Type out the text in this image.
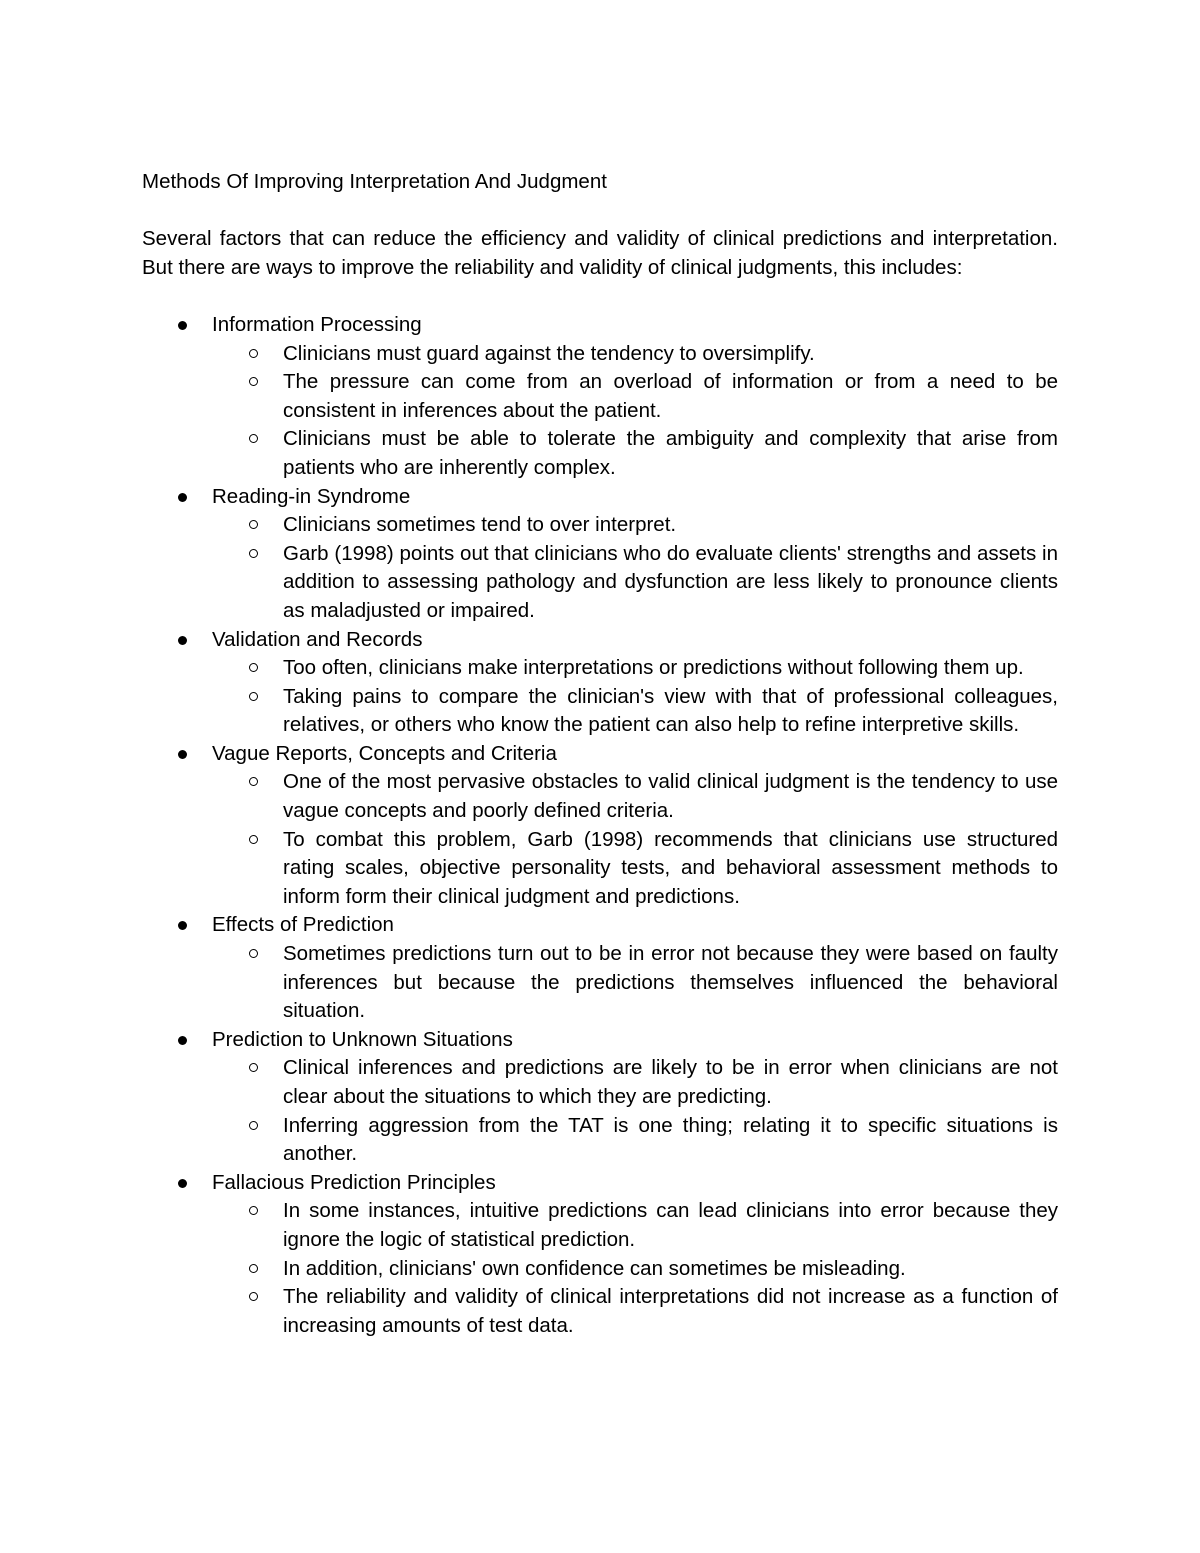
Methods Of Improving Interpretation And Judgment

Several factors that can reduce the efficiency and validity of clinical predictions and interpretation. But there are ways to improve the reliability and validity of clinical judgments, this includes:

Information Processing
Clinicians must guard against the tendency to oversimplify.
The pressure can come from an overload of information or from a need to be consistent in inferences about the patient.
Clinicians must be able to tolerate the ambiguity and complexity that arise from patients who are inherently complex.
Reading-in Syndrome
Clinicians sometimes tend to over interpret.
Garb (1998) points out that clinicians who do evaluate clients' strengths and assets in addition to assessing pathology and dysfunction are less likely to pronounce clients as maladjusted or impaired.
Validation and Records
Too often, clinicians make interpretations or predictions without following them up.
Taking pains to compare the clinician's view with that of professional colleagues, relatives, or others who know the patient can also help to refine interpretive skills.
Vague Reports, Concepts and Criteria
One of the most pervasive obstacles to valid clinical judgment is the tendency to use vague concepts and poorly defined criteria.
To combat this problem, Garb (1998) recommends that clinicians use structured rating scales, objective personality tests, and behavioral assessment methods to inform form their clinical judgment and predictions.
Effects of Prediction
Sometimes predictions turn out to be in error not because they were based on faulty inferences but because the predictions themselves influenced the behavioral situation.
Prediction to Unknown Situations
Clinical inferences and predictions are likely to be in error when clinicians are not clear about the situations to which they are predicting.
Inferring aggression from the TAT is one thing; relating it to specific situations is another.
Fallacious Prediction Principles
In some instances, intuitive predictions can lead clinicians into error because they ignore the logic of statistical prediction.
In addition, clinicians' own confidence can sometimes be misleading.
The reliability and validity of clinical interpretations did not increase as a function of increasing amounts of test data.
